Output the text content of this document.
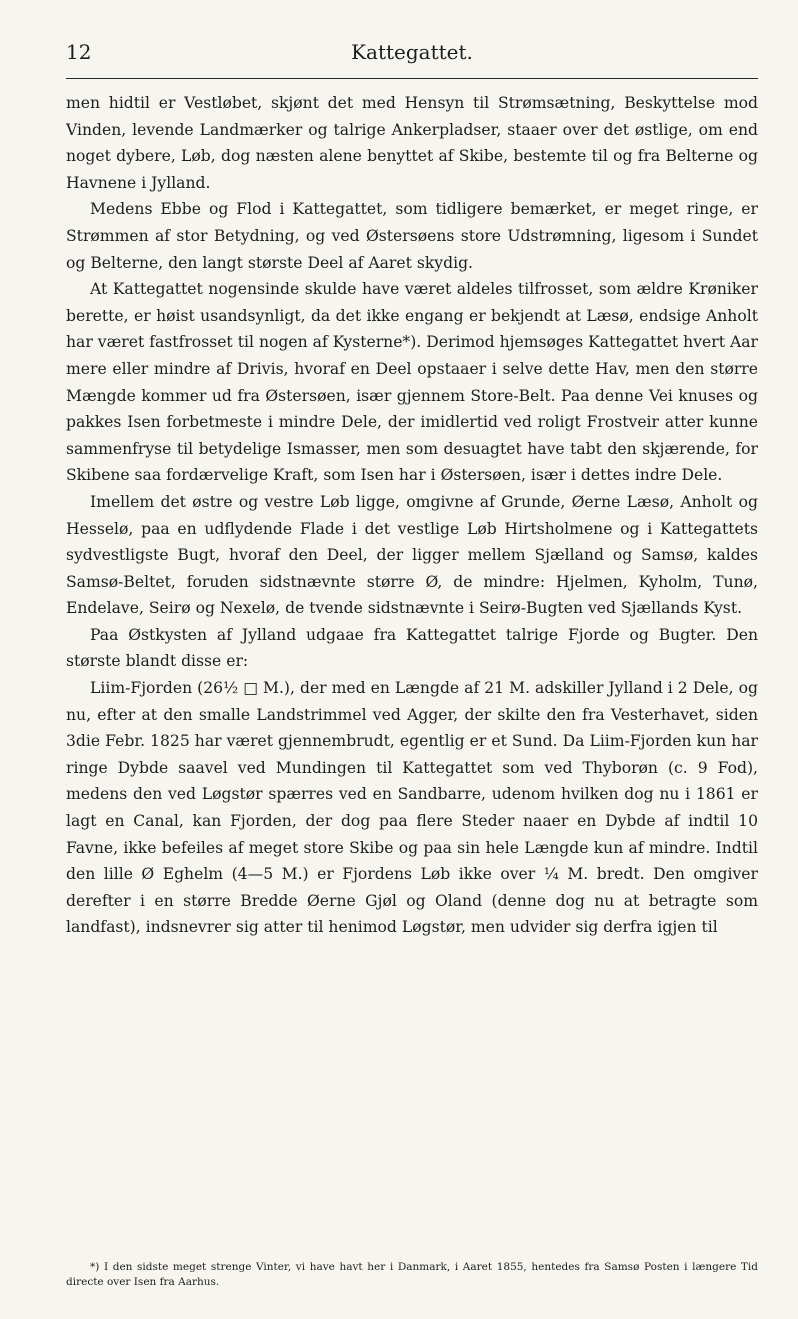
12	Kattegattet.

men hidtil er Vestløbet, skjønt det med Hensyn til Strømsætning, Beskyttelse mod Vinden, levende Landmærker og talrige Ankerpladser, staaer over det østlige, om end noget dybere, Løb, dog næsten alene benyttet af Skibe, bestemte til og fra Belterne og Havnene i Jylland.

Medens Ebbe og Flod i Kattegattet, som tidligere bemærket, er meget ringe, er Strømmen af stor Betydning, og ved Østersøens store Udstrømning, ligesom i Sundet og Belterne, den langt største Deel af Aaret skydig.

At Kattegattet nogensinde skulde have været aldeles tilfrosset, som ældre Krøniker berette, er høist usandsynligt, da det ikke engang er bekjendt at Læsø, endsige Anholt har været fastfrosset til nogen af Kysterne*). Derimod hjemsøges Kattegattet hvert Aar mere eller mindre af Drivis, hvoraf en Deel opstaaer i selve dette Hav, men den større Mængde kommer ud fra Østersøen, især gjennem Store-Belt. Paa denne Vei knuses og pakkes Isen forbetmeste i mindre Dele, der imidlertid ved roligt Frostveir atter kunne sammenfryse til betydelige Ismasser, men som desuagtet have tabt den skjærende, for Skibene saa fordærvelige Kraft, som Isen har i Østersøen, især i dettes indre Dele.

Imellem det østre og vestre Løb ligge, omgivne af Grunde, Øerne Læsø, Anholt og Hesselø, paa en udflydende Flade i det vestlige Løb Hirtsholmene og i Kattegattets sydvestligste Bugt, hvoraf den Deel, der ligger mellem Sjælland og Samsø, kaldes Samsø-Beltet, foruden sidstnævnte større Ø, de mindre: Hjelmen, Kyholm, Tunø, Endelave, Seirø og Nexelø, de tvende sidstnævnte i Seirø-Bugten ved Sjællands Kyst.

Paa Østkysten af Jylland udgaae fra Kattegattet talrige Fjorde og Bugter. Den største blandt disse er:

Liim-Fjorden (26½ □ M.), der med en Længde af 21 M. adskiller Jylland i 2 Dele, og nu, efter at den smalle Landstrimmel ved Agger, der skilte den fra Vesterhavet, siden 3die Febr. 1825 har været gjennembrudt, egentlig er et Sund. Da Liim-Fjorden kun har ringe Dybde saavel ved Mundingen til Kattegattet som ved Thyborøn (c. 9 Fod), medens den ved Løgstør spærres ved en Sandbarre, udenom hvilken dog nu i 1861 er lagt en Canal, kan Fjorden, der dog paa flere Steder naaer en Dybde af indtil 10 Favne, ikke befeiles af meget store Skibe og paa sin hele Længde kun af mindre. Indtil den lille Ø Eghelm (4—5 M.) er Fjordens Løb ikke over ¼ M. bredt. Den omgiver derefter i en større Bredde Øerne Gjøl og Oland (denne dog nu at betragte som landfast), indsnevrer sig atter til henimod Løgstør, men udvider sig derfra igjen til

*) I den sidste meget strenge Vinter, vi have havt her i Danmark, i Aaret 1855, hentedes fra Samsø Posten i længere Tid directe over Isen fra Aarhus.
